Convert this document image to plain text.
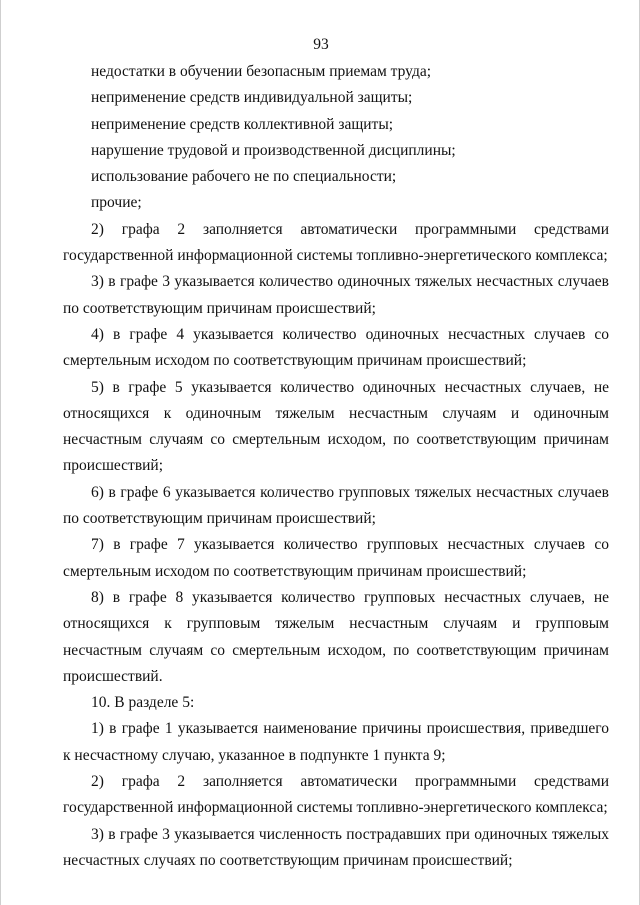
93

недостатки в обучении безопасным приемам труда;

неприменение средств индивидуальной защиты;

неприменение средств коллективной защиты;

нарушение трудовой и производственной дисциплины;

использование рабочего не по специальности;

прочие;

2) графа 2 заполняется автоматически программными средствами государственной информационной системы топливно-энергетического комплекса;

3) в графе 3 указывается количество одиночных тяжелых несчастных случаев по соответствующим причинам происшествий;

4) в графе 4 указывается количество одиночных несчастных случаев со смертельным исходом по соответствующим причинам происшествий;

5) в графе 5 указывается количество одиночных несчастных случаев, не относящихся к одиночным тяжелым несчастным случаям и одиночным несчастным случаям со смертельным исходом, по соответствующим причинам происшествий;

6) в графе 6 указывается количество групповых тяжелых несчастных случаев по соответствующим причинам происшествий;

7) в графе 7 указывается количество групповых несчастных случаев со смертельным исходом по соответствующим причинам происшествий;

8) в графе 8 указывается количество групповых несчастных случаев, не относящихся к групповым тяжелым несчастным случаям и групповым несчастным случаям со смертельным исходом, по соответствующим причинам происшествий.

10. В разделе 5:

1) в графе 1 указывается наименование причины происшествия, приведшего к несчастному случаю, указанное в подпункте 1 пункта 9;

2) графа 2 заполняется автоматически программными средствами государственной информационной системы топливно-энергетического комплекса;

3) в графе 3 указывается численность пострадавших при одиночных тяжелых несчастных случаях по соответствующим причинам происшествий;
